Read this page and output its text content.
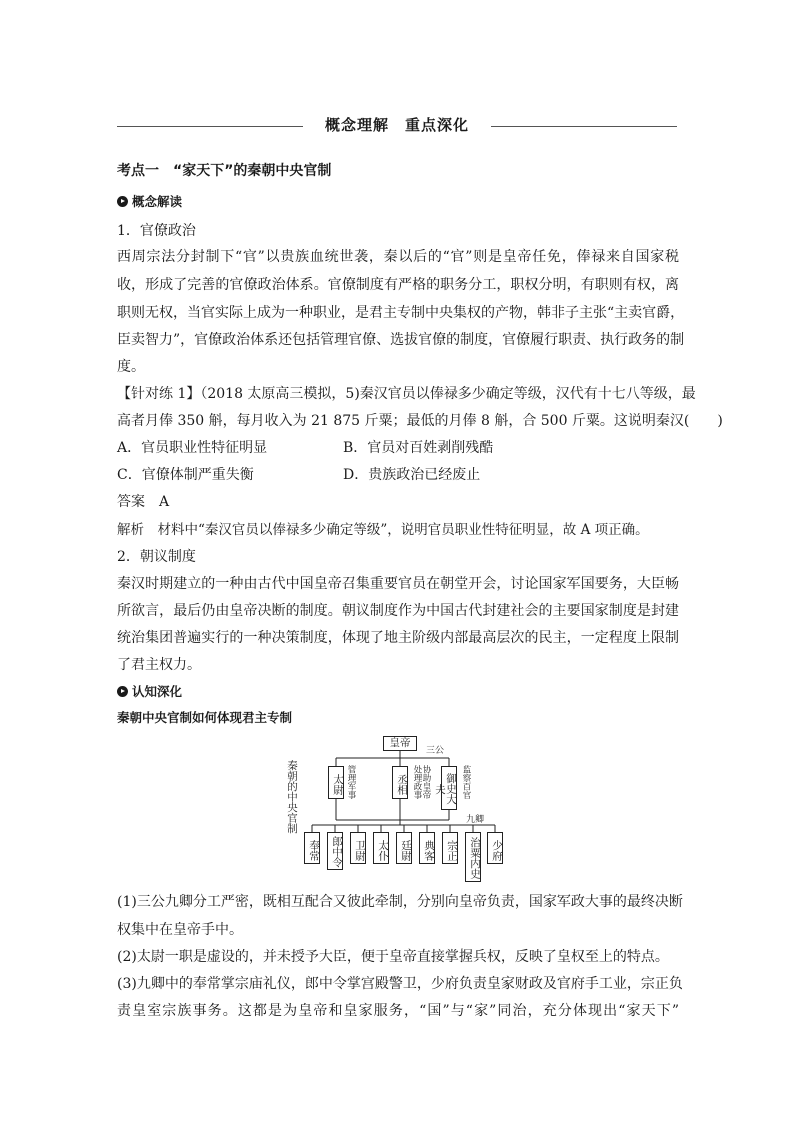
概念理解　重点深化
考点一　“家天下”的秦朝中央官制
概念解读
1．官僚政治
西周宗法分封制下“官”以贵族血统世袭，秦以后的“官”则是皇帝任免，俸禄来自国家税
收，形成了完善的官僚政治体系。官僚制度有严格的职务分工，职权分明，有职则有权，离
职则无权，当官实际上成为一种职业，是君主专制中央集权的产物，韩非子主张“主卖官爵，
臣卖智力”，官僚政治体系还包括管理官僚、选拔官僚的制度，官僚履行职责、执行政务的制
度。
【针对练 1】（2018 太原高三模拟，5)秦汉官员以俸禄多少确定等级，汉代有十七八等级，最
高者月俸 350 斛，每月收入为 21 875 斤粟；最低的月俸 8 斛，合 500 斤粟。这说明秦汉(　　)
A．官员职业性特征明显	B．官员对百姓剥削残酷
C．官僚体制严重失衡	D．贵族政治已经废止
答案　A
解析　材料中“秦汉官员以俸禄多少确定等级”，说明官员职业性特征明显，故 A 项正确。
2．朝议制度
秦汉时期建立的一种由古代中国皇帝召集重要官员在朝堂开会，讨论国家军国要务，大臣畅
所欲言，最后仍由皇帝决断的制度。朝议制度作为中国古代封建社会的主要国家制度是封建
统治集团普遍实行的一种决策制度，体现了地主阶级内部最高层次的民主，一定程度上限制
了君主权力。
认知深化
秦朝中央官制如何体现君主专制
秦朝的中央官制
皇帝
三公
太尉 管理军事	丞相	协助皇帝处理政事	御史大夫	监察百官
九卿
奉常	郎中令	卫尉	太仆	廷尉	典客	宗正	治粟内史 少府
(1)三公九卿分工严密，既相互配合又彼此牵制，分别向皇帝负责，国家军政大事的最终决断
权集中在皇帝手中。
(2)太尉一职是虚设的，并未授予大臣，便于皇帝直接掌握兵权，反映了皇权至上的特点。
(3)九卿中的奉常掌宗庙礼仪，郎中令掌宫殿警卫，少府负责皇家财政及官府手工业，宗正负
责皇室宗族事务。这都是为皇帝和皇家服务，“国”与“家”同治，充分体现出“家天下”
